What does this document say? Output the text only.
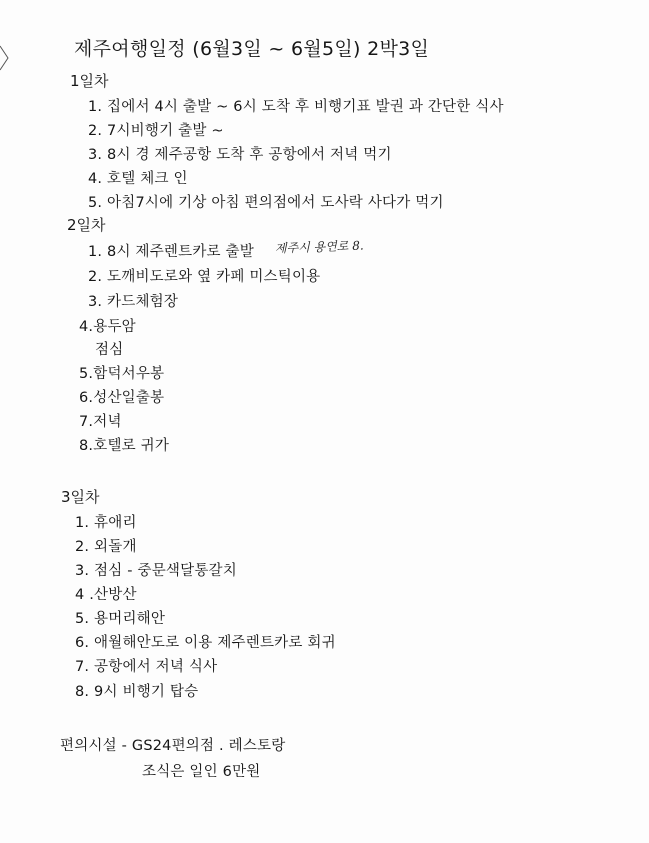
제주여행일정 (6월3일 ~ 6월5일) 2박3일
1일차
1. 집에서 4시 출발 ~ 6시 도착 후 비행기표 발권 과 간단한 식사
2. 7시비행기 출발 ~
3. 8시 경 제주공항 도착 후 공항에서 저녁 먹기
4. 호텔 체크 인
5. 아침7시에 기상 아침 편의점에서 도사락 사다가 먹기
2일차
1. 8시 제주렌트카로 출발 제주시 용연로 8.
2. 도깨비도로와 옆 카페 미스틱이용
3. 카드체험장
4.용두암
점심
5.함덕서우봉
6.성산일출봉
7.저녁
8.호텔로 귀가
3일차
1. 휴애리
2. 외돌개
3. 점심 - 중문색달통갈치
4 .산방산
5. 용머리해안
6. 애월해안도로 이용 제주렌트카로 회귀
7. 공항에서 저녁 식사
8. 9시 비행기 탑승
편의시설 - GS24편의점 . 레스토랑
조식은 일인 6만원
